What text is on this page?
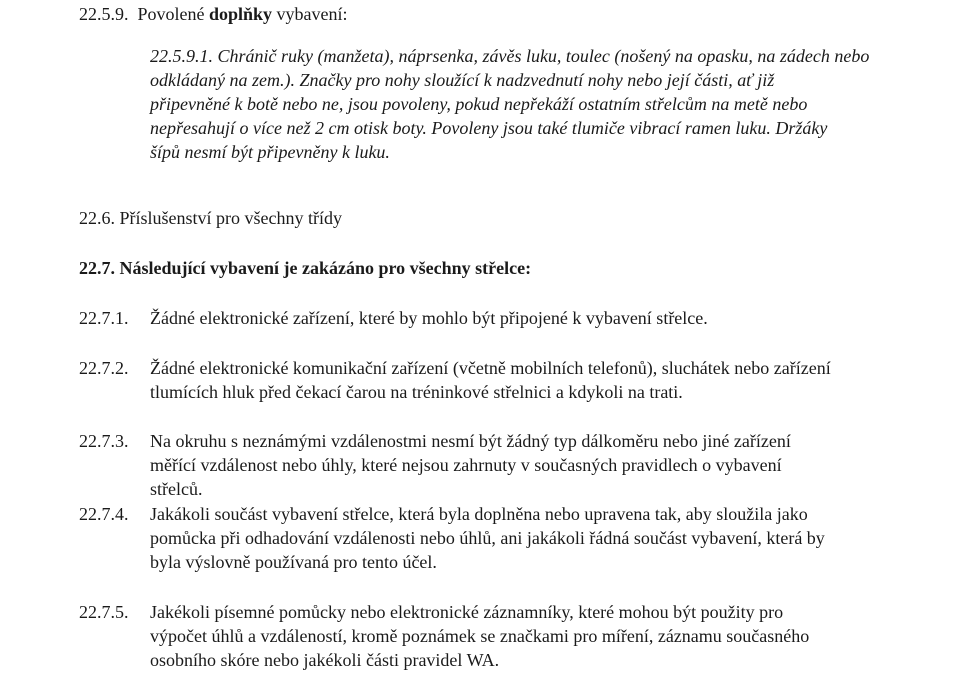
22.5.9. Povolené doplňky vybavení:
22.5.9.1. Chránič ruky (manžeta), náprsenka, závěs luku, toulec (nošený na opasku, na zádech nebo
odkládaný na zem.). Značky pro nohy sloužící k nadzvednutí nohy nebo její části, ať již
připevněné k botě nebo ne, jsou povoleny, pokud nepřekáží ostatním střelcům na metě nebo
nepřesahují o více než 2 cm otisk boty. Povoleny jsou také tlumiče vibrací ramen luku. Držáky
šípů nesmí být připevněny k luku.
22.6. Příslušenství pro všechny třídy
22.7. Následující vybavení je zakázáno pro všechny střelce:
22.7.1. Žádné elektronické zařízení, které by mohlo být připojené k vybavení střelce.
22.7.2. Žádné elektronické komunikační zařízení (včetně mobilních telefonů), sluchátek nebo zařízení
tlumících hluk před čekací čarou na tréninkové střelnici a kdykoli na trati.
22.7.3. Na okruhu s neznámými vzdálenostmi nesmí být žádný typ dálkoměru nebo jiné zařízení
měřící vzdálenost nebo úhly, které nejsou zahrnuty v současných pravidlech o vybavení
střelců.
22.7.4. Jakákoli součást vybavení střelce, která byla doplněna nebo upravena tak, aby sloužila jako
pomůcka při odhadování vzdálenosti nebo úhlů, ani jakákoli řádná součást vybavení, která by
byla výslovně používaná pro tento účel.
22.7.5. Jakékoli písemné pomůcky nebo elektronické záznamníky, které mohou být použity pro
výpočet úhlů a vzdáleností, kromě poznámek se značkami pro míření, záznamu současného
osobního skóre nebo jakékoli části pravidel WA.
